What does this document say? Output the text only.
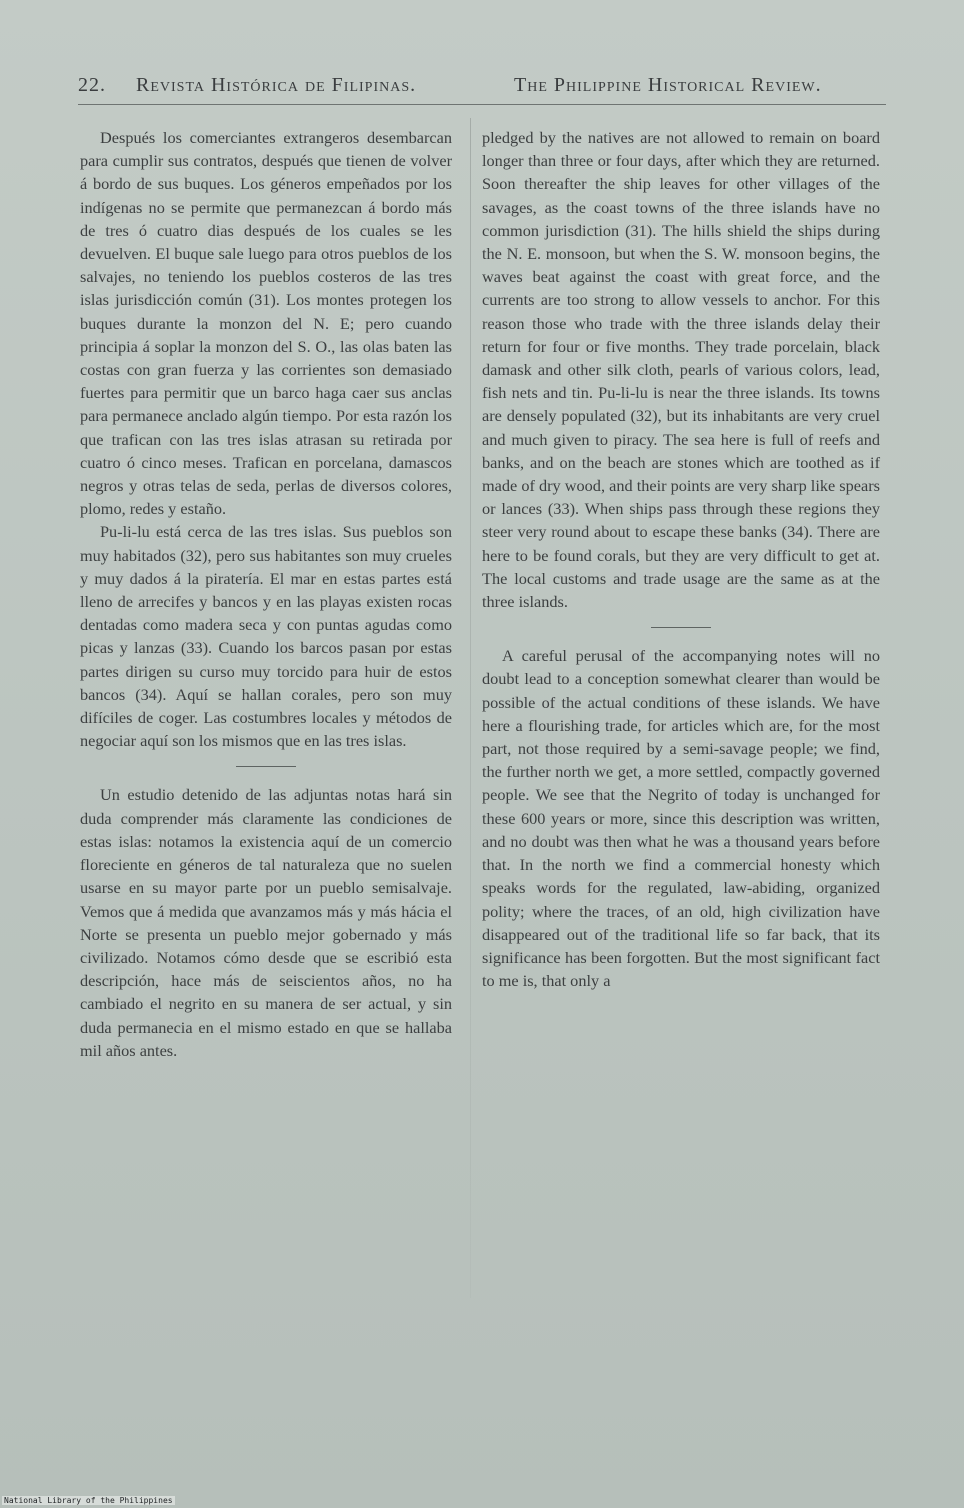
22. Revista Histórica de Filipinas.	The Philippine Historical Review.

Después los comerciantes extrangeros desembarcan para cumplir sus contratos, después que tienen de volver á bordo de sus buques. Los géneros empeñados por los indígenas no se permite que permanezcan á bordo más de tres ó cuatro dias después de los cuales se les devuelven. El buque sale luego para otros pueblos de los salvajes, no teniendo los pueblos costeros de las tres islas jurisdicción común (31). Los montes protegen los buques durante la monzon del N. E; pero cuando principia á soplar la monzon del S. O., las olas baten las costas con gran fuerza y las corrientes son demasiado fuertes para permitir que un barco haga caer sus anclas para permanece anclado algún tiempo. Por esta razón los que trafican con las tres islas atrasan su retirada por cuatro ó cinco meses. Trafican en porcelana, damascos negros y otras telas de seda, perlas de diversos colores, plomo, redes y estaño.

Pu-li-lu está cerca de las tres islas. Sus pueblos son muy habitados (32), pero sus habitantes son muy crueles y muy dados á la piratería. El mar en estas partes está lleno de arrecifes y bancos y en las playas existen rocas dentadas como madera seca y con puntas agudas como picas y lanzas (33). Cuando los barcos pasan por estas partes dirigen su curso muy torcido para huir de estos bancos (34). Aquí se hallan corales, pero son muy difíciles de coger. Las costumbres locales y métodos de negociar aquí son los mismos que en las tres islas.

Un estudio detenido de las adjuntas notas hará sin duda comprender más claramente las condiciones de estas islas: notamos la existencia aquí de un comercio floreciente en géneros de tal naturaleza que no suelen usarse en su mayor parte por un pueblo semisalvaje. Vemos que á medida que avanzamos más y más hácia el Norte se presenta un pueblo mejor gobernado y más civilizado. Notamos cómo desde que se escribió esta descripción, hace más de seiscientos años, no ha cambiado el negrito en su manera de ser actual, y sin duda permanecia en el mismo estado en que se hallaba mil años antes.

pledged by the natives are not allowed to remain on board longer than three or four days, after which they are returned. Soon thereafter the ship leaves for other villages of the savages, as the coast towns of the three islands have no common jurisdiction (31). The hills shield the ships during the N. E. monsoon, but when the S. W. monsoon begins, the waves beat against the coast with great force, and the currents are too strong to allow vessels to anchor. For this reason those who trade with the three islands delay their return for four or five months. They trade porcelain, black damask and other silk cloth, pearls of various colors, lead, fish nets and tin. Pu-li-lu is near the three islands. Its towns are densely populated (32), but its inhabitants are very cruel and much given to piracy. The sea here is full of reefs and banks, and on the beach are stones which are toothed as if made of dry wood, and their points are very sharp like spears or lances (33). When ships pass through these regions they steer very round about to escape these banks (34). There are here to be found corals, but they are very difficult to get at. The local customs and trade usage are the same as at the three islands.

A careful perusal of the accompanying notes will no doubt lead to a conception somewhat clearer than would be possible of the actual conditions of these islands. We have here a flourishing trade, for articles which are, for the most part, not those required by a semi-savage people; we find, the further north we get, a more settled, compactly governed people. We see that the Negrito of today is unchanged for these 600 years or more, since this description was written, and no doubt was then what he was a thousand years before that. In the north we find a commercial honesty which speaks words for the regulated, law-abiding, organized polity; where the traces, of an old, high civilization have disappeared out of the traditional life so far back, that its significance has been forgotten. But the most significant fact to me is, that only a

National Library of the Philippines
